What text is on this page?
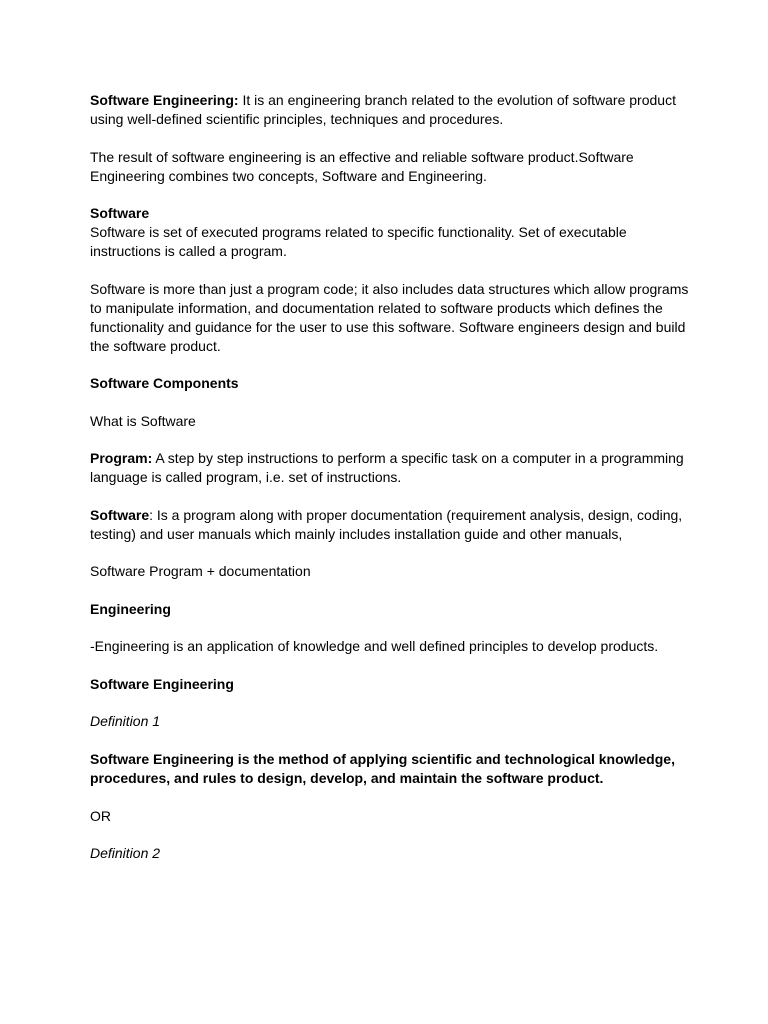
Software Engineering: It is an engineering branch related to the evolution of software product using well-defined scientific principles, techniques and procedures.

The result of software engineering is an effective and reliable software product.Software Engineering combines two concepts, Software and Engineering.

Software

Software is set of executed programs related to specific functionality. Set of executable instructions is called a program.

Software is more than just a program code; it also includes data structures which allow programs to manipulate information, and documentation related to software products which defines the functionality and guidance for the user to use this software. Software engineers design and build the software product.

Software Components

What is Software

Program: A step by step instructions to perform a specific task on a computer in a programming language is called program, i.e. set of instructions.

Software: Is a program along with proper documentation (requirement analysis, design, coding, testing) and user manuals which mainly includes installation guide and other manuals,

Software Program + documentation

Engineering

-Engineering is an application of knowledge and well defined principles to develop products.

Software Engineering

Definition 1

Software Engineering is the method of applying scientific and technological knowledge, procedures, and rules to design, develop, and maintain the software product.

OR

Definition 2
